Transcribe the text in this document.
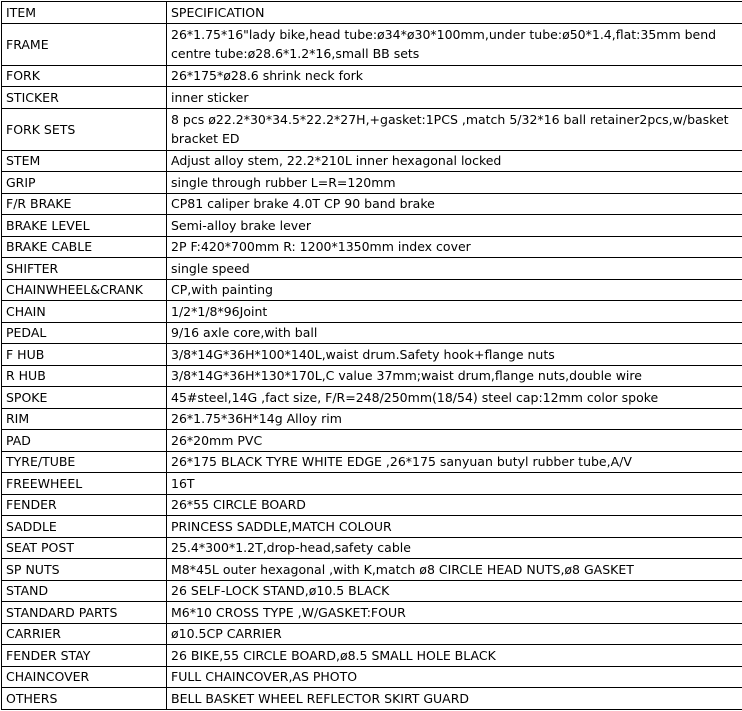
ITEM	SPECIFICATION
FRAME	26*1.75*16"lady bike,head tube:ø34*ø30*100mm,under tube:ø50*1.4,flat:35mm bend centre tube:ø28.6*1.2*16,small BB sets
FORK	26*175*ø28.6 shrink neck fork
STICKER	inner sticker
FORK SETS	8 pcs ø22.2*30*34.5*22.2*27H,+gasket:1PCS ,match 5/32*16 ball retainer2pcs,w/basket bracket ED
STEM	Adjust alloy stem, 22.2*210L inner hexagonal locked
GRIP	single through rubber L=R=120mm
F/R BRAKE	CP81 caliper brake 4.0T CP 90 band brake
BRAKE LEVEL	Semi-alloy brake lever
BRAKE CABLE	2P F:420*700mm R: 1200*1350mm index cover
SHIFTER	single speed
CHAINWHEEL&CRANK	CP,with painting
CHAIN	1/2*1/8*96Joint
PEDAL	9/16 axle core,with ball
F HUB	3/8*14G*36H*100*140L,waist drum.Safety hook+flange nuts
R HUB	3/8*14G*36H*130*170L,C value 37mm;waist drum,flange nuts,double wire
SPOKE	45#steel,14G ,fact size, F/R=248/250mm(18/54) steel cap:12mm color spoke
RIM	26*1.75*36H*14g Alloy rim
PAD	26*20mm PVC
TYRE/TUBE	26*175 BLACK TYRE WHITE EDGE ,26*175 sanyuan butyl rubber tube,A/V
FREEWHEEL	16T
FENDER	26*55 CIRCLE BOARD
SADDLE	PRINCESS SADDLE,MATCH COLOUR
SEAT POST	25.4*300*1.2T,drop-head,safety cable
SP NUTS	M8*45L outer hexagonal ,with K,match ø8 CIRCLE HEAD NUTS,ø8 GASKET
STAND	26 SELF-LOCK STAND,ø10.5 BLACK
STANDARD PARTS	M6*10 CROSS TYPE ,W/GASKET:FOUR
CARRIER	ø10.5CP CARRIER
FENDER STAY	26 BIKE,55 CIRCLE BOARD,ø8.5 SMALL HOLE BLACK
CHAINCOVER	FULL CHAINCOVER,AS PHOTO
OTHERS	BELL BASKET WHEEL REFLECTOR SKIRT GUARD
